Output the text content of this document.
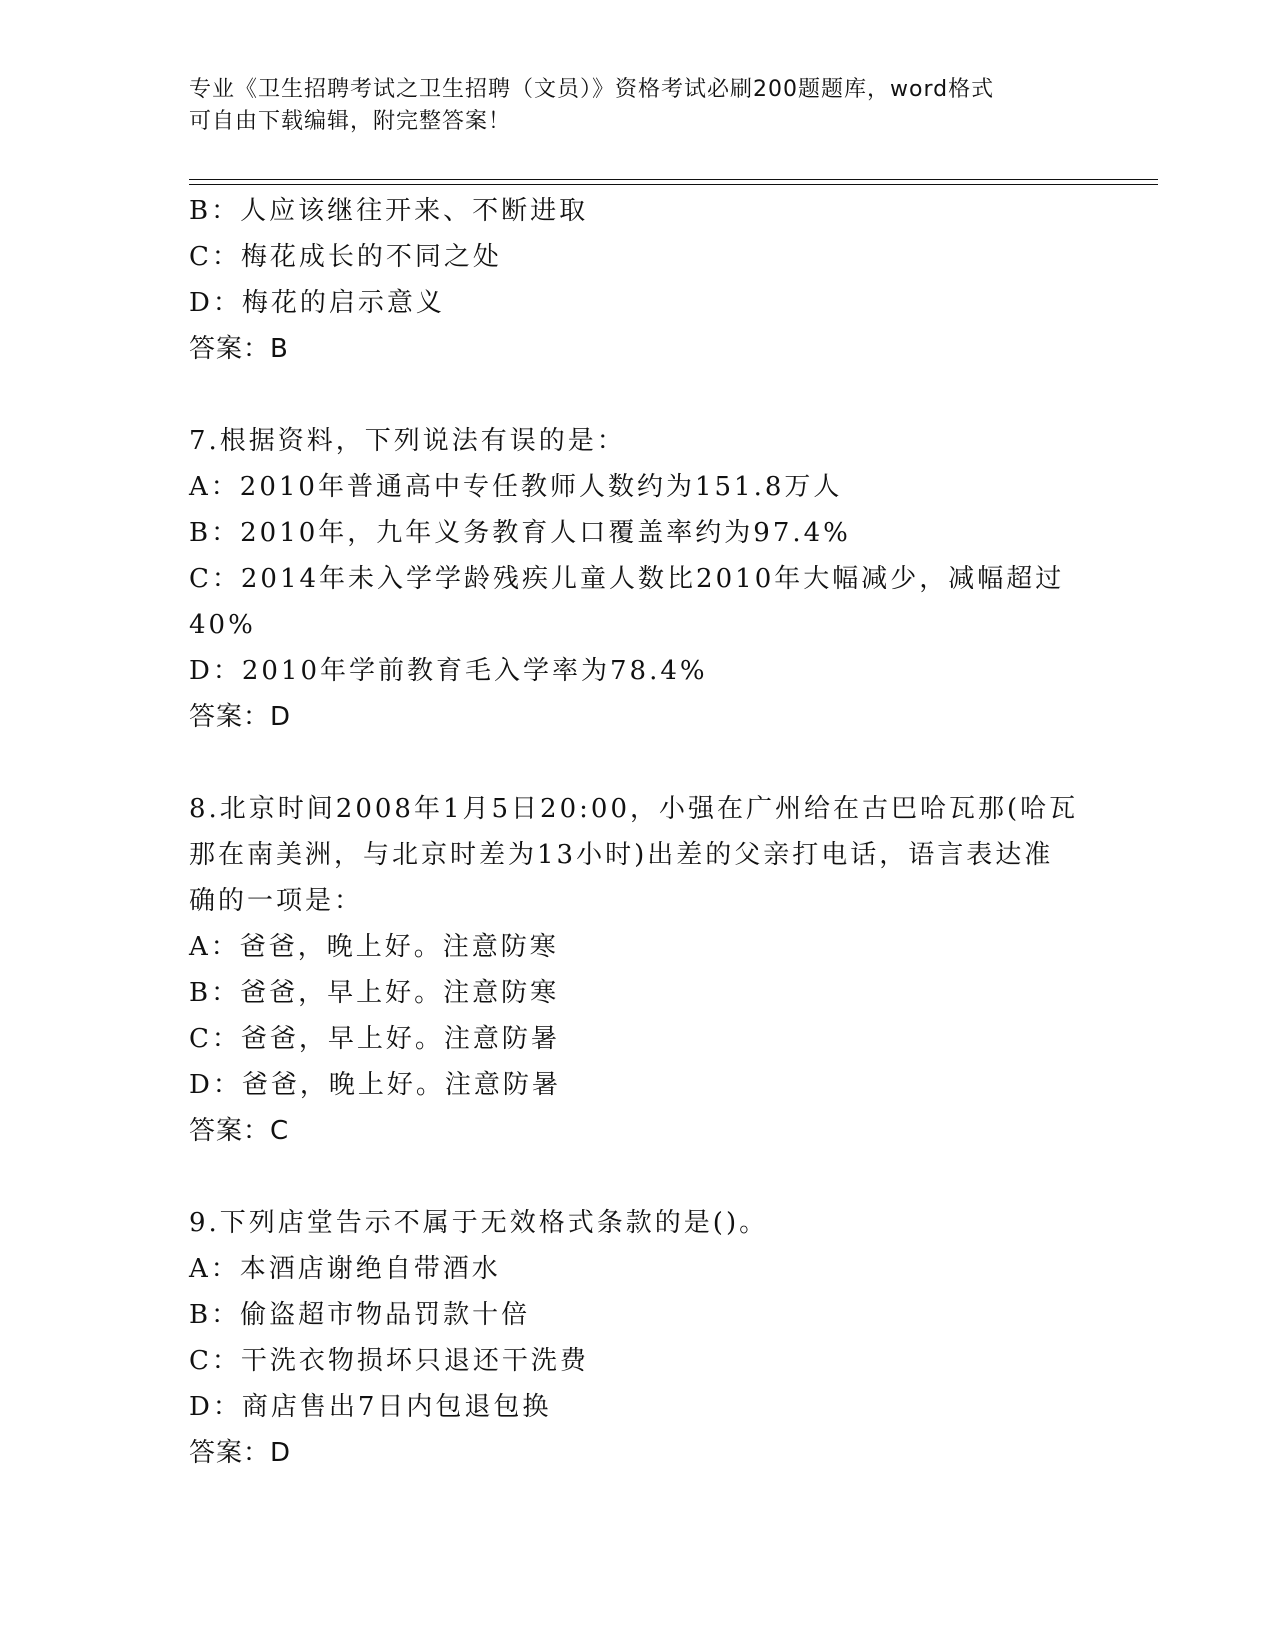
专业《卫生招聘考试之卫生招聘（文员）》资格考试必刷200题题库，word格式
可自由下载编辑，附完整答案！
B：人应该继往开来、不断进取
C：梅花成长的不同之处
D：梅花的启示意义
答案：B
7.根据资料，下列说法有误的是：
A：2010年普通高中专任教师人数约为151.8万人
B：2010年，九年义务教育人口覆盖率约为97.4%
C：2014年未入学学龄残疾儿童人数比2010年大幅减少，减幅超过
40%
D：2010年学前教育毛入学率为78.4%
答案：D
8.北京时间2008年1月5日20:00，小强在广州给在古巴哈瓦那(哈瓦
那在南美洲，与北京时差为13小时)出差的父亲打电话，语言表达准
确的一项是：
A：爸爸，晚上好。注意防寒
B：爸爸，早上好。注意防寒
C：爸爸，早上好。注意防暑
D：爸爸，晚上好。注意防暑
答案：C
9.下列店堂告示不属于无效格式条款的是()。
A：本酒店谢绝自带酒水
B：偷盗超市物品罚款十倍
C：干洗衣物损坏只退还干洗费
D：商店售出7日内包退包换
答案：D
